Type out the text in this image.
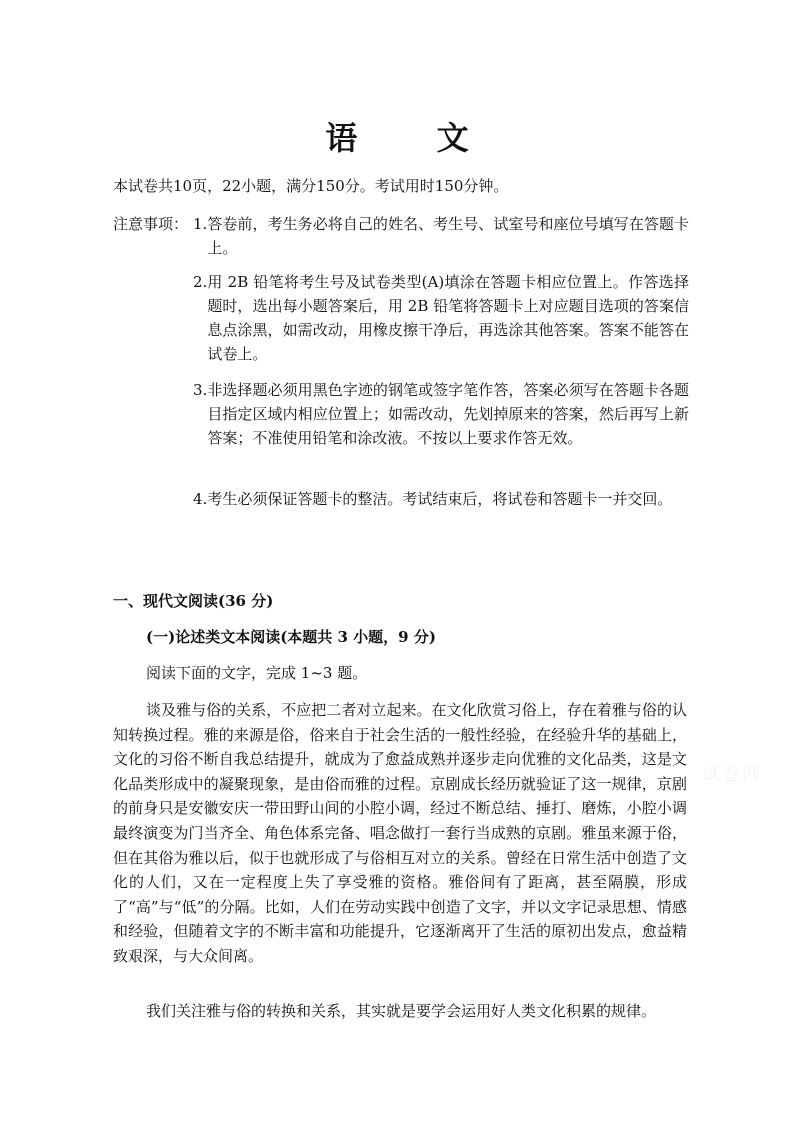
语 文
本试卷共10页，22小题，满分150分。考试用时150分钟。
注意事项： 1. 答卷前，考生务必将自己的姓名、考生号、试室号和座位号填写在答题卡上。
2. 用 2B 铅笔将考生号及试卷类型(A)填涂在答题卡相应位置上。作答选择题时，选出每小题答案后，用 2B 铅笔将答题卡上对应题目选项的答案信息点涂黑，如需改动，用橡皮擦干净后，再选涂其他答案。答案不能答在试卷上。
3. 非选择题必须用黑色字迹的钢笔或签字笔作答，答案必须写在答题卡各题目指定区域内相应位置上；如需改动，先划掉原来的答案，然后再写上新答案；不准使用铅笔和涂改液。不按以上要求作答无效。
4. 考生必须保证答题卡的整洁。考试结束后，将试卷和答题卡一并交回。
一、现代文阅读(36 分)
(一)论述类文本阅读(本题共 3 小题，9 分)
阅读下面的文字，完成 1~3 题。
谈及雅与俗的关系，不应把二者对立起来。在文化欣赏习俗上，存在着雅与俗的认知转换过程。雅的来源是俗，俗来自于社会生活的一般性经验，在经验升华的基础上，文化的习俗不断自我总结提升，就成为了愈益成熟并逐步走向优雅的文化品类，这是文化品类形成中的凝聚现象，是由俗而雅的过程。京剧成长经历就验证了这一规律，京剧的前身只是安徽安庆一带田野山间的小腔小调，经过不断总结、捶打、磨炼，小腔小调最终演变为门当齐全、角色体系完备、唱念做打一套行当成熟的京剧。雅虽来源于俗，但在其俗为雅以后，似于也就形成了与俗相互对立的关系。曾经在日常生活中创造了文化的人们，又在一定程度上失了享受雅的资格。雅俗间有了距离，甚至隔膜，形成了“高”与“低”的分隔。比如，人们在劳动实践中创造了文字，并以文字记录思想、情感和经验，但随着文字的不断丰富和功能提升，它逐渐离开了生活的原初出发点，愈益精致艰深，与大众间离。
我们关注雅与俗的转换和关系，其实就是要学会运用好人类文化积累的规律。
试卷网
